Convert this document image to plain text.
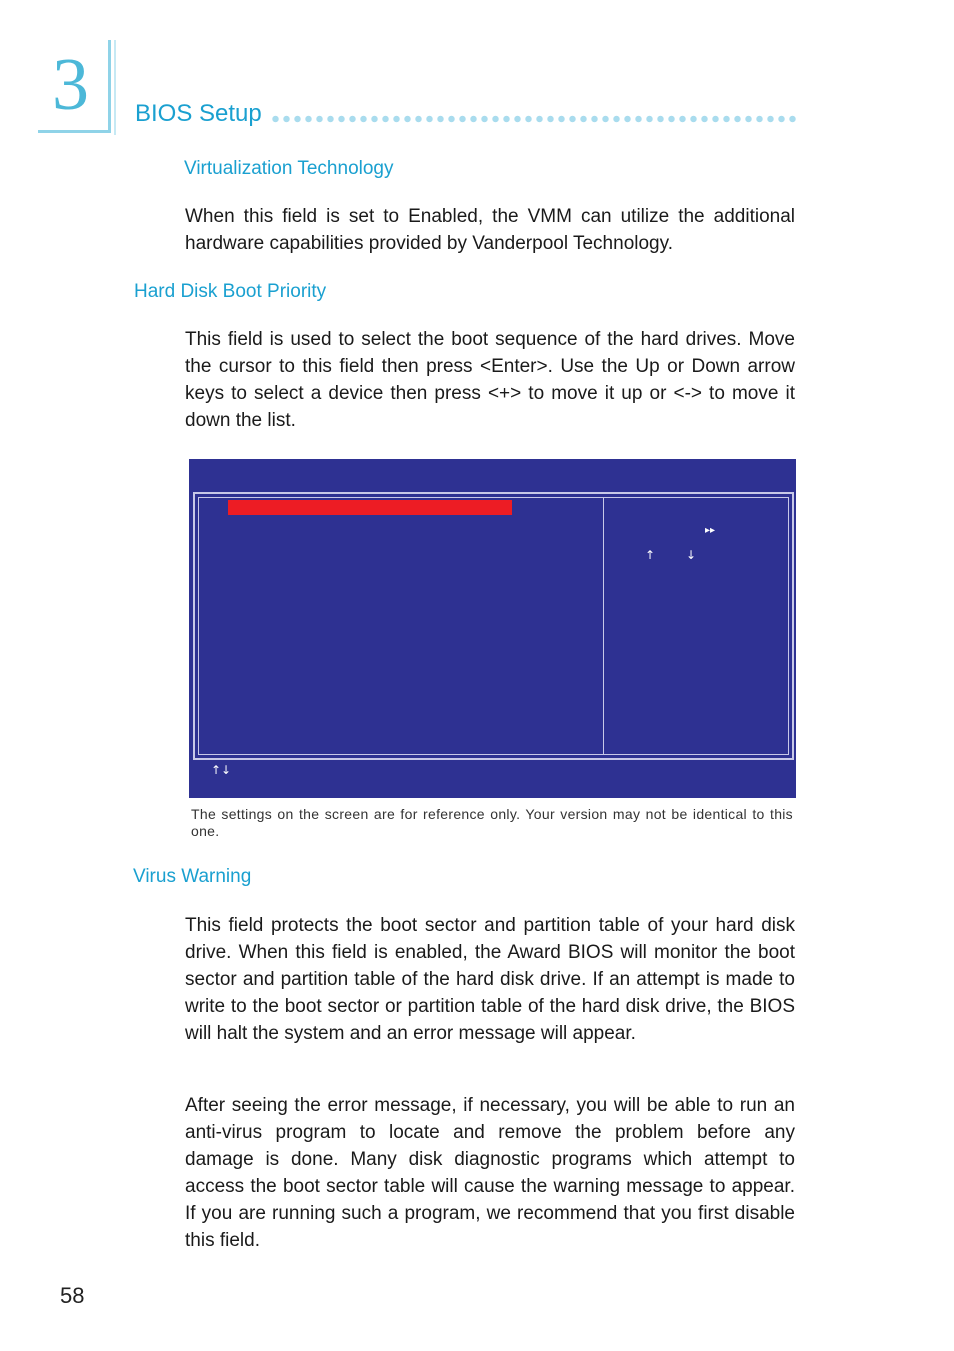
3 BIOS Setup
Virtualization Technology

When this field is set to Enabled, the VMM can utilize the additional hardware capabilities provided by Vanderpool Technology.

Hard Disk Boot Priority

This field is used to select the boot sequence of the hard drives. Move the cursor to this field then press <Enter>. Use the Up or Down arrow keys to select a device then press <+> to move it up or <-> to move it down the list.

▸▸
↑	↓
↑↓

The settings on the screen are for reference only. Your version may not be identical to this one.

Virus Warning

This field protects the boot sector and partition table of your hard disk drive. When this field is enabled, the Award BIOS will monitor the boot sector and partition table of the hard disk drive. If an attempt is made to write to the boot sector or partition table of the hard disk drive, the BIOS will halt the system and an error message will appear.

After seeing the error message, if necessary, you will be able to run an anti-virus program to locate and remove the problem before any damage is done. Many disk diagnostic programs which attempt to access the boot sector table will cause the warning message to appear. If you are running such a program, we recommend that you first disable this field.

58
